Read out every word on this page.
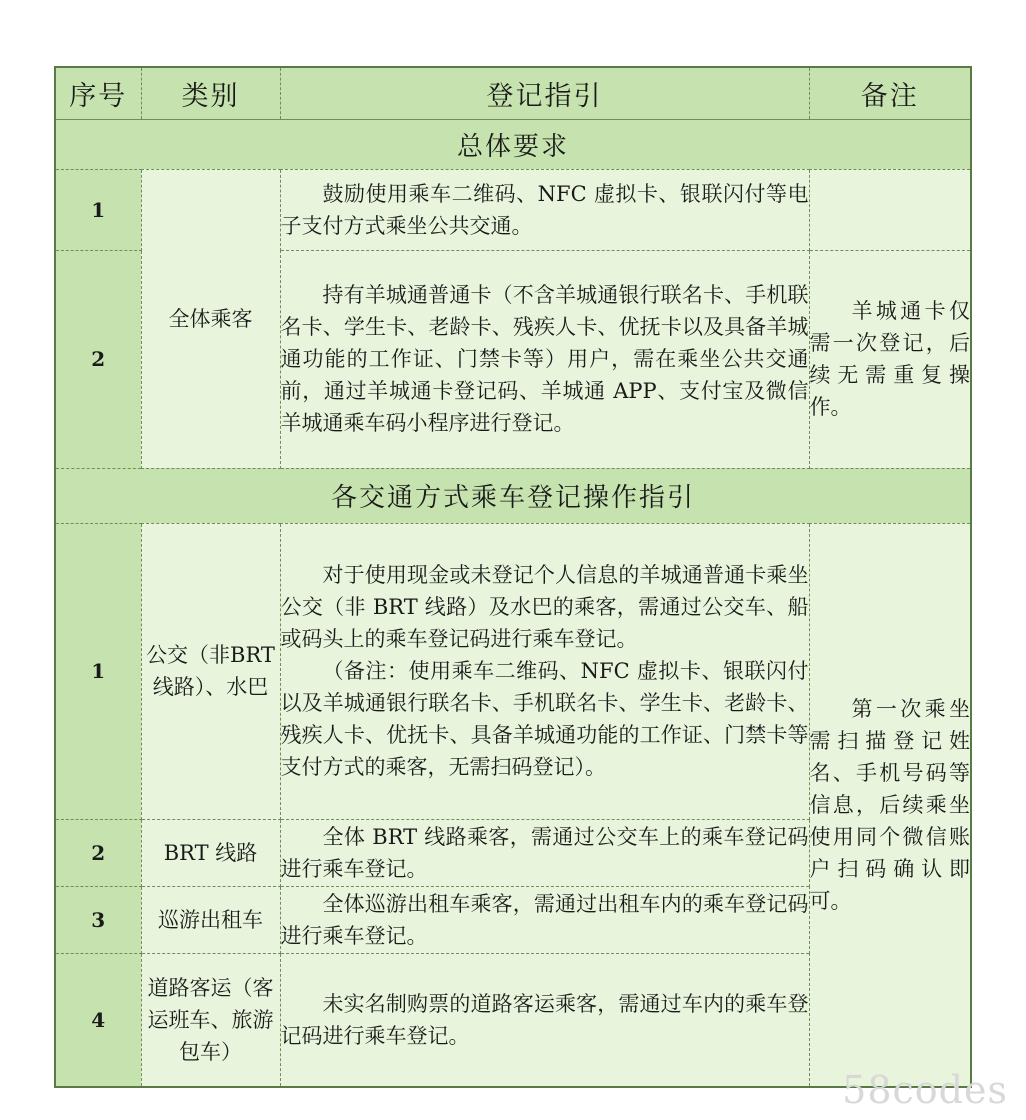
序号	类别	登记指引	备注
总体要求			
1	全体乘客	鼓励使用乘车二维码、NFC 虚拟卡、银联闪付等电子支付方式乘坐公共交通。	

2		持有羊城通普通卡（不含羊城通银行联名卡、手机联名卡、学生卡、老龄卡、残疾人卡、优抚卡以及具备羊城通功能的工作证、门禁卡等）用户，需在乘坐公共交通前，通过羊城通卡登记码、羊城通 APP、支付宝及微信羊城通乘车码小程序进行登记。	羊城通卡仅需一次登记，后续无需重复操作。

各交通方式乘车登记操作指引			
1	公交（非BRT 线路）、水巴	对于使用现金或未登记个人信息的羊城通普通卡乘坐公交（非 BRT 线路）及水巴的乘客，需通过公交车、船或码头上的乘车登记码进行乘车登记。

（备注：使用乘车二维码、NFC 虚拟卡、银联闪付以及羊城通银行联名卡、手机联名卡、学生卡、老龄卡、残疾人卡、优抚卡、具备羊城通功能的工作证、门禁卡等支付方式的乘客，无需扫码登记）。	第一次乘坐需扫描登记姓名、手机号码等信息，后续乘坐使用同个微信账户扫码确认即可。

2	BRT 线路	全体 BRT 线路乘客，需通过公交车上的乘车登记码进行乘车登记。	

3	巡游出租车	全体巡游出租车乘客，需通过出租车内的乘车登记码进行乘车登记。	

4	道路客运（客运班车、旅游包车）	未实名制购票的道路客运乘客，需通过车内的乘车登记码进行乘车登记。	

58codes
